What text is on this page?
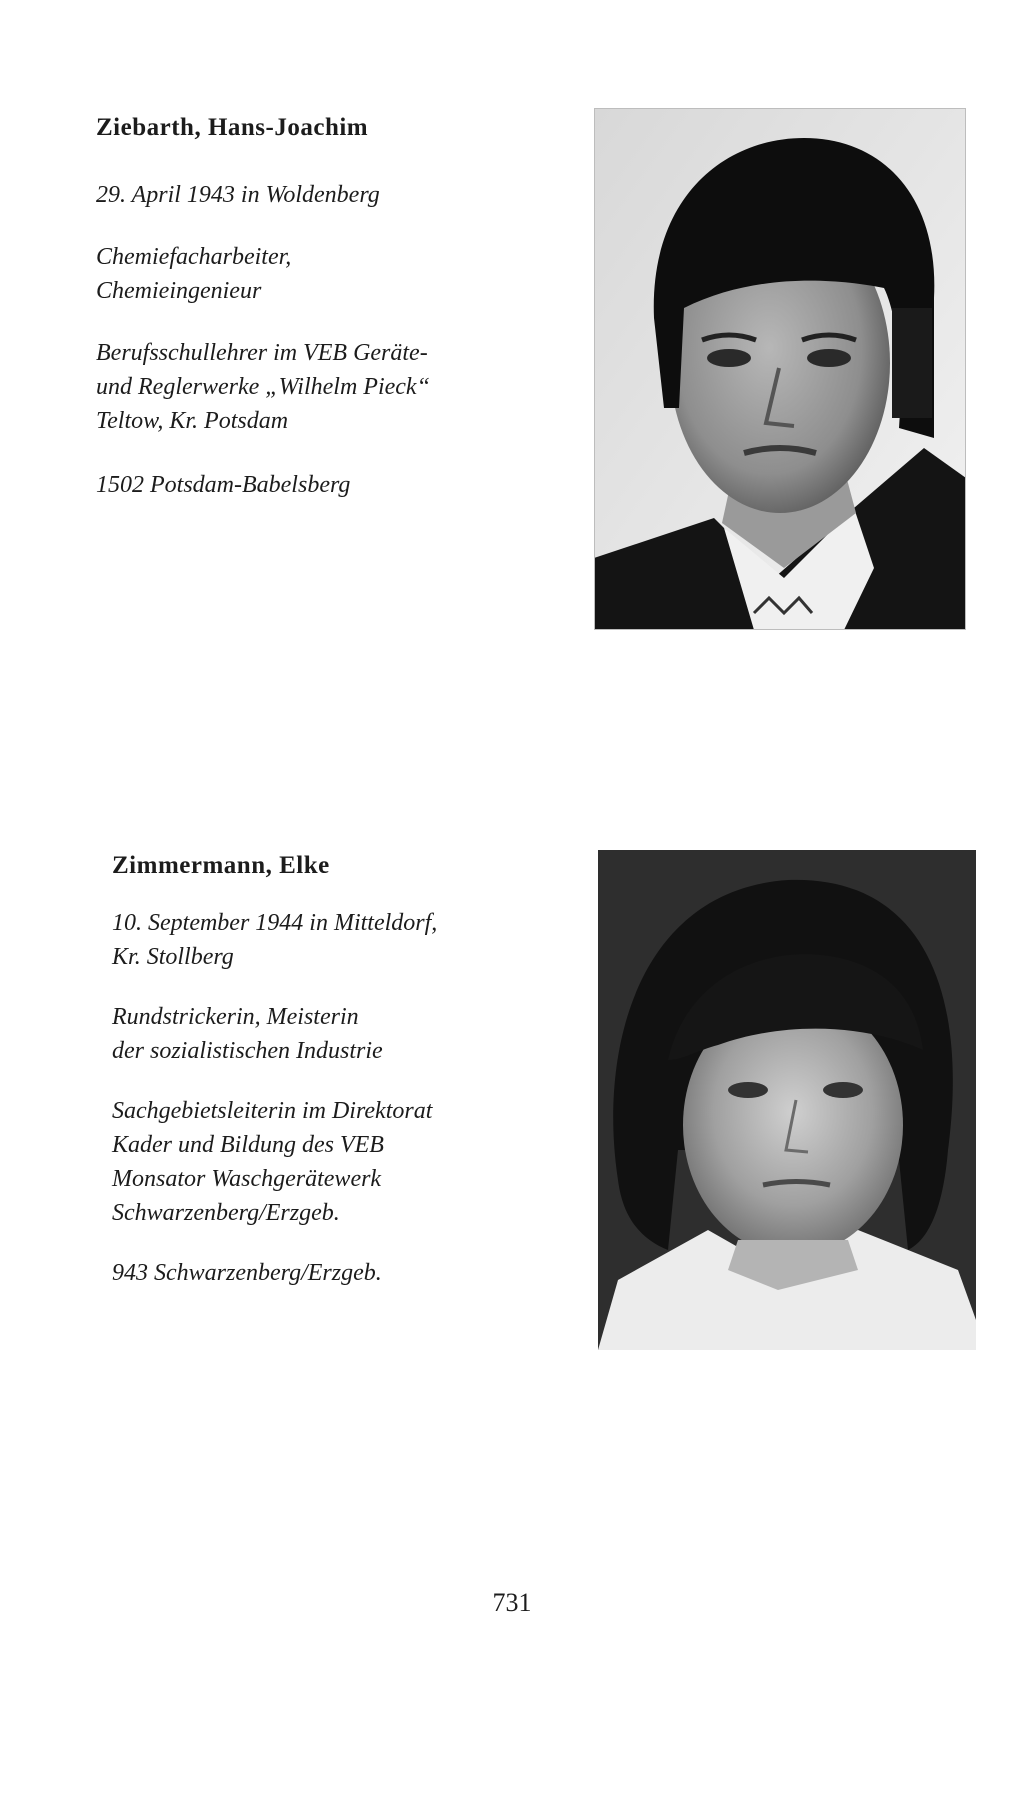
Ziebarth, Hans-Joachim

29. April 1943 in Woldenberg

Chemiefacharbeiter,
Chemieingenieur

Berufsschullehrer im VEB Geräte-
und Reglerwerke „Wilhelm Pieck“
Teltow, Kr. Potsdam

1502 Potsdam-Babelsberg

Zimmermann, Elke

10. September 1944 in Mitteldorf,
Kr. Stollberg

Rundstrickerin, Meisterin
der sozialistischen Industrie

Sachgebietsleiterin im Direktorat
Kader und Bildung des VEB
Monsator Waschgerätewerk
Schwarzenberg/Erzgeb.

943 Schwarzenberg/Erzgeb.

731
